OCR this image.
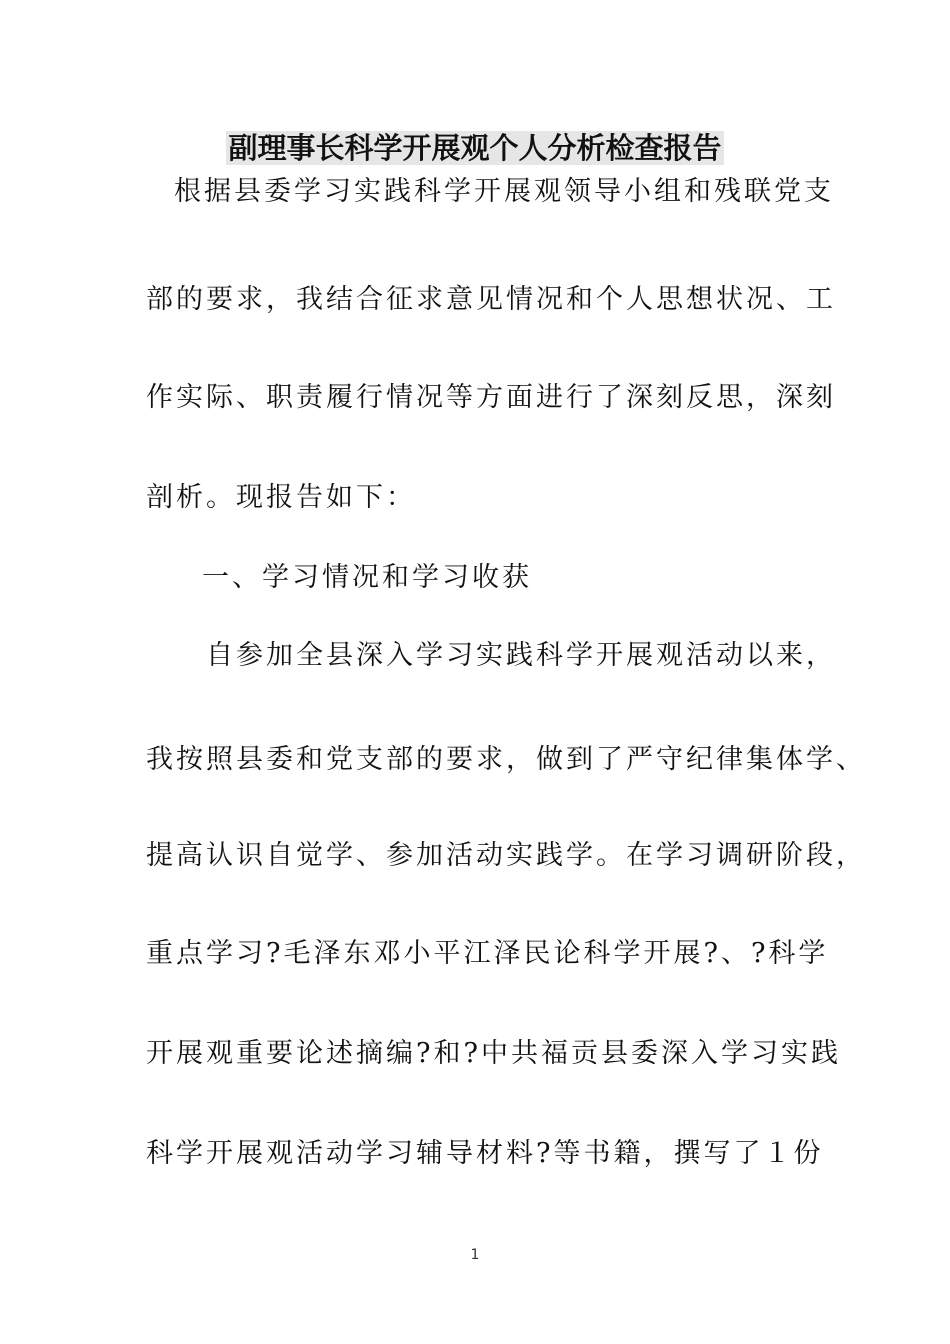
副理事长科学开展观个人分析检查报告
根据县委学习实践科学开展观领导小组和残联党支
部的要求，我结合征求意见情况和个人思想状况、工
作实际、职责履行情况等方面进行了深刻反思，深刻
剖析。现报告如下：
一、学习情况和学习收获
自参加全县深入学习实践科学开展观活动以来，
我按照县委和党支部的要求，做到了严守纪律集体学、
提高认识自觉学、参加活动实践学。在学习调研阶段，
重点学习?毛泽东邓小平江泽民论科学开展?、?科学
开展观重要论述摘编?和?中共福贡县委深入学习实践
科学开展观活动学习辅导材料?等书籍，撰写了１份
1
